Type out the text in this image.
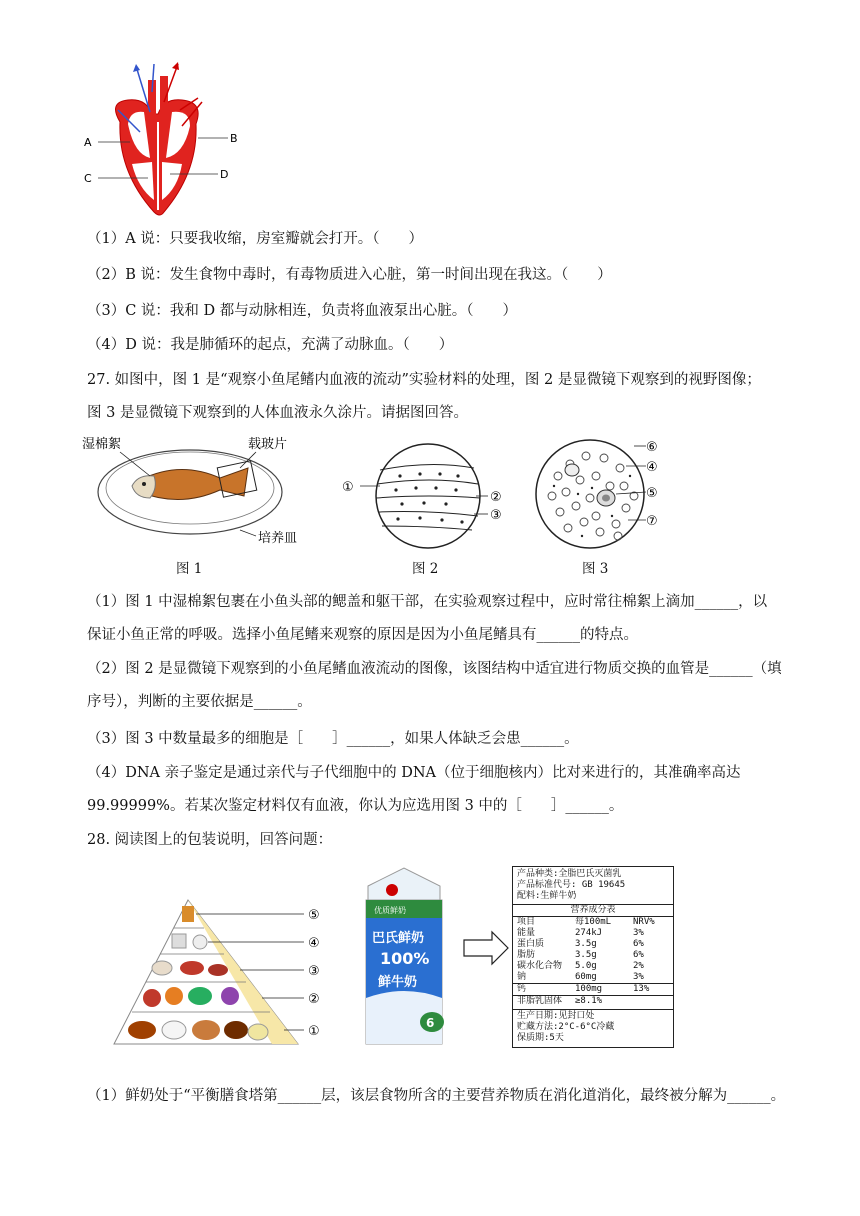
A	B
C	D
（1）A 说：只要我收缩，房室瓣就会打开。（　　）
（2）B 说：发生食物中毒时，有毒物质进入心脏，第一时间出现在我这。（　　）
（3）C 说：我和 D 都与动脉相连，负责将血液泵出心脏。（　　）
（4）D 说：我是肺循环的起点，充满了动脉血。（　　）
27. 如图中，图 1 是“观察小鱼尾鳍内血液的流动”实验材料的处理，图 2 是显微镜下观察到的视野图像；
图 3 是显微镜下观察到的人体血液永久涂片。请据图回答。
湿棉絮	载玻片
培养皿
图 1
①
②
③
图 2
⑥
④
⑤
⑦
图 3
（1）图 1 中湿棉絮包裹在小鱼头部的鳃盖和躯干部，在实验观察过程中，应时常往棉絮上滴加______，以
保证小鱼正常的呼吸。选择小鱼尾鳍来观察的原因是因为小鱼尾鳍具有______的特点。
（2）图 2 是显微镜下观察到的小鱼尾鳍血液流动的图像，该图结构中适宜进行物质交换的血管是______（填
序号），判断的主要依据是______。
（3）图 3 中数量最多的细胞是［　　］______，如果人体缺乏会患______。
（4）DNA 亲子鉴定是通过亲代与子代细胞中的 DNA（位于细胞核内）比对来进行的，其准确率高达
99.99999%。若某次鉴定材料仅有血液，你认为应选用图 3 中的［　　］______。
28. 阅读图上的包装说明，回答问题：
⑤
④
③
②
①
优质鲜奶
巴氏鲜奶
100%
鲜牛奶
6
产品种类:全脂巴氏灭菌乳
产品标准代号: GB 19645
配料:生鲜牛奶
营养成分表
项目	每100mL	NRV%
能量	274kJ	3%
蛋白质	3.5g	6%
脂肪	3.5g	6%
碳水化合物	5.0g	2%
钠	60mg	3%
钙	100mg	13%
非脂乳固体	≥8.1%
生产日期:见封口处
贮藏方法:2°C-6°C冷藏
保质期:5天
（1）鲜奶处于“平衡膳食塔第______层，该层食物所含的主要营养物质在消化道消化，最终被分解为______。
